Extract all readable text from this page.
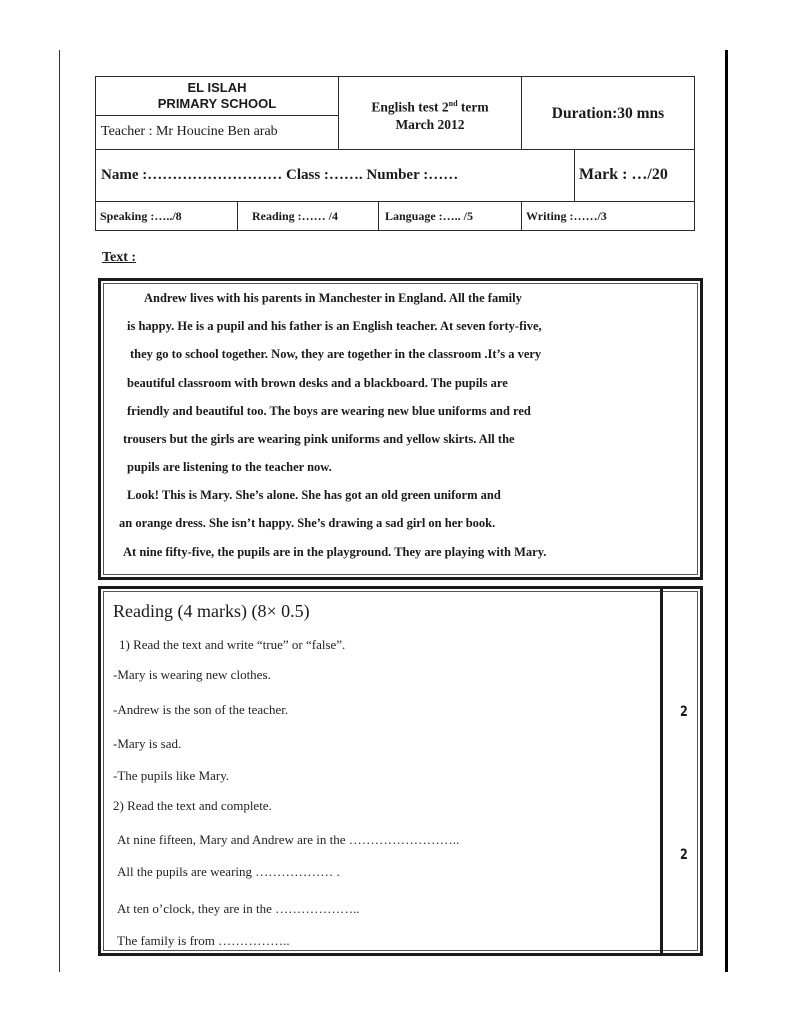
EL ISLAH
PRIMARY SCHOOL
Teacher : Mr Houcine Ben arab
English test 2nd term
March 2012
Duration:30 mns
Name :……………………… Class :……. Number :……	Mark : …/20
Speaking :…../8	Reading :…… /4	Language :….. /5	Writing :……/3
Text :
Andrew lives with his parents in Manchester in England. All the family
is happy. He is a pupil and his father is an English teacher. At seven forty-five,
they go to school together. Now, they are together in the classroom .It’s a very
beautiful classroom with brown desks and a blackboard. The pupils are
friendly and beautiful too. The boys are wearing new blue uniforms and red
trousers but the girls are wearing pink uniforms and yellow skirts. All the
pupils are listening to the teacher now.
Look! This is Mary. She’s alone. She has got an old green uniform and
an orange dress. She isn’t happy. She’s drawing a sad girl on her book.
At nine fifty-five, the pupils are in the playground. They are playing with Mary.
Reading (4 marks) (8× 0.5)
1) Read the text and write “true” or “false”.
-Mary is wearing new clothes.
-Andrew is the son of the teacher.
-Mary is sad.
-The pupils like Mary.
2
2) Read the text and complete.
At nine fifteen, Mary and Andrew are in the ……………………..
All the pupils are wearing ……………… .
At ten o’clock, they are in the ………………..
The family is from ……………..
2
